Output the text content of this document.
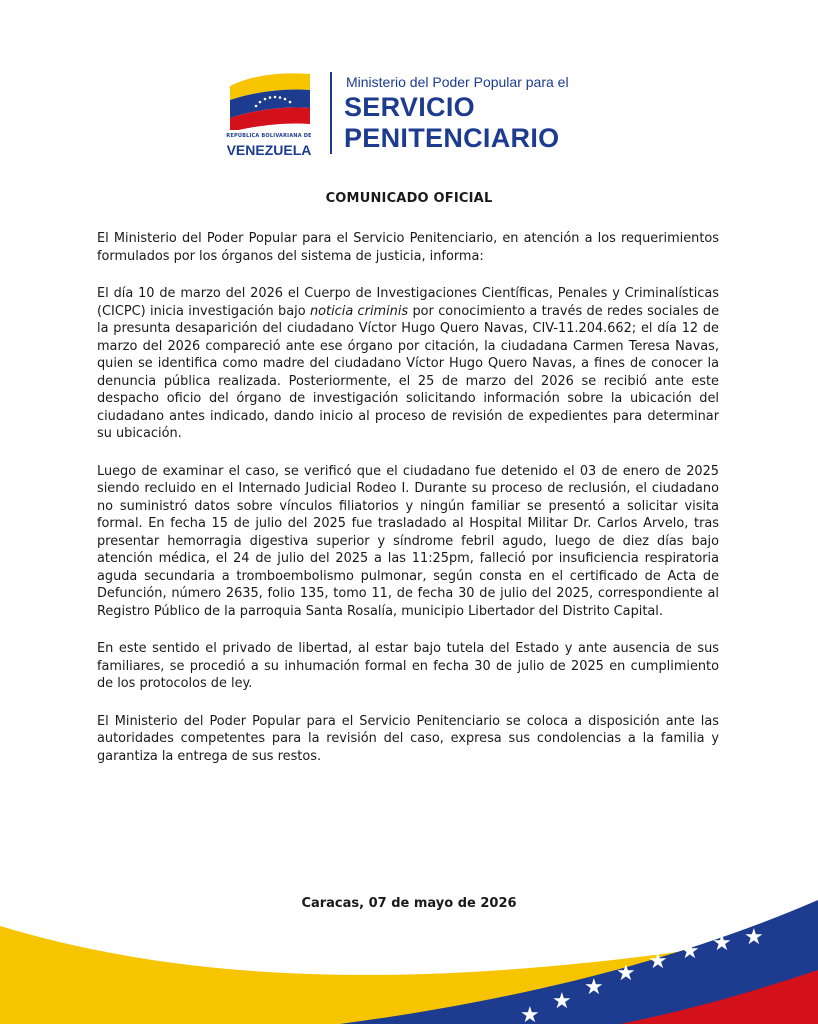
REPÚBLICA BOLIVARIANA DE
VENEZUELA
Ministerio del Poder Popular para el
SERVICIO
PENITENCIARIO
COMUNICADO OFICIAL

El Ministerio del Poder Popular para el Servicio Penitenciario, en atención a los requerimientos formulados por los órganos del sistema de justicia, informa:

El día 10 de marzo del 2026 el Cuerpo de Investigaciones Científicas, Penales y Criminalísticas (CICPC) inicia investigación bajo noticia criminis por conocimiento a través de redes sociales de la presunta desaparición del ciudadano Víctor Hugo Quero Navas, CIV-11.204.662; el día 12 de marzo del 2026 compareció ante ese órgano por citación, la ciudadana Carmen Teresa Navas, quien se identifica como madre del ciudadano Víctor Hugo Quero Navas, a fines de conocer la denuncia pública realizada. Posteriormente, el 25 de marzo del 2026 se recibió ante este despacho oficio del órgano de investigación solicitando información sobre la ubicación del ciudadano antes indicado, dando inicio al proceso de revisión de expedientes para determinar su ubicación.

Luego de examinar el caso, se verificó que el ciudadano fue detenido el 03 de enero de 2025 siendo recluido en el Internado Judicial Rodeo I. Durante su proceso de reclusión, el ciudadano no suministró datos sobre vínculos filiatorios y ningún familiar se presentó a solicitar visita formal. En fecha 15 de julio del 2025 fue trasladado al Hospital Militar Dr. Carlos Arvelo, tras presentar hemorragia digestiva superior y síndrome febril agudo, luego de diez días bajo atención médica, el 24 de julio del 2025 a las 11:25pm, falleció por insuficiencia respiratoria aguda secundaria a tromboembolismo pulmonar, según consta en el certificado de Acta de Defunción, número 2635, folio 135, tomo 11, de fecha 30 de julio del 2025, correspondiente al Registro Público de la parroquia Santa Rosalía, municipio Libertador del Distrito Capital.

En este sentido el privado de libertad, al estar bajo tutela del Estado y ante ausencia de sus familiares, se procedió a su inhumación formal en fecha 30 de julio de 2025 en cumplimiento de los protocolos de ley.

El Ministerio del Poder Popular para el Servicio Penitenciario se coloca a disposición ante las autoridades competentes para la revisión del caso, expresa sus condolencias a la familia y garantiza la entrega de sus restos.

Caracas, 07 de mayo de 2026
★
★
★
★ ★ ★ ★ ★
